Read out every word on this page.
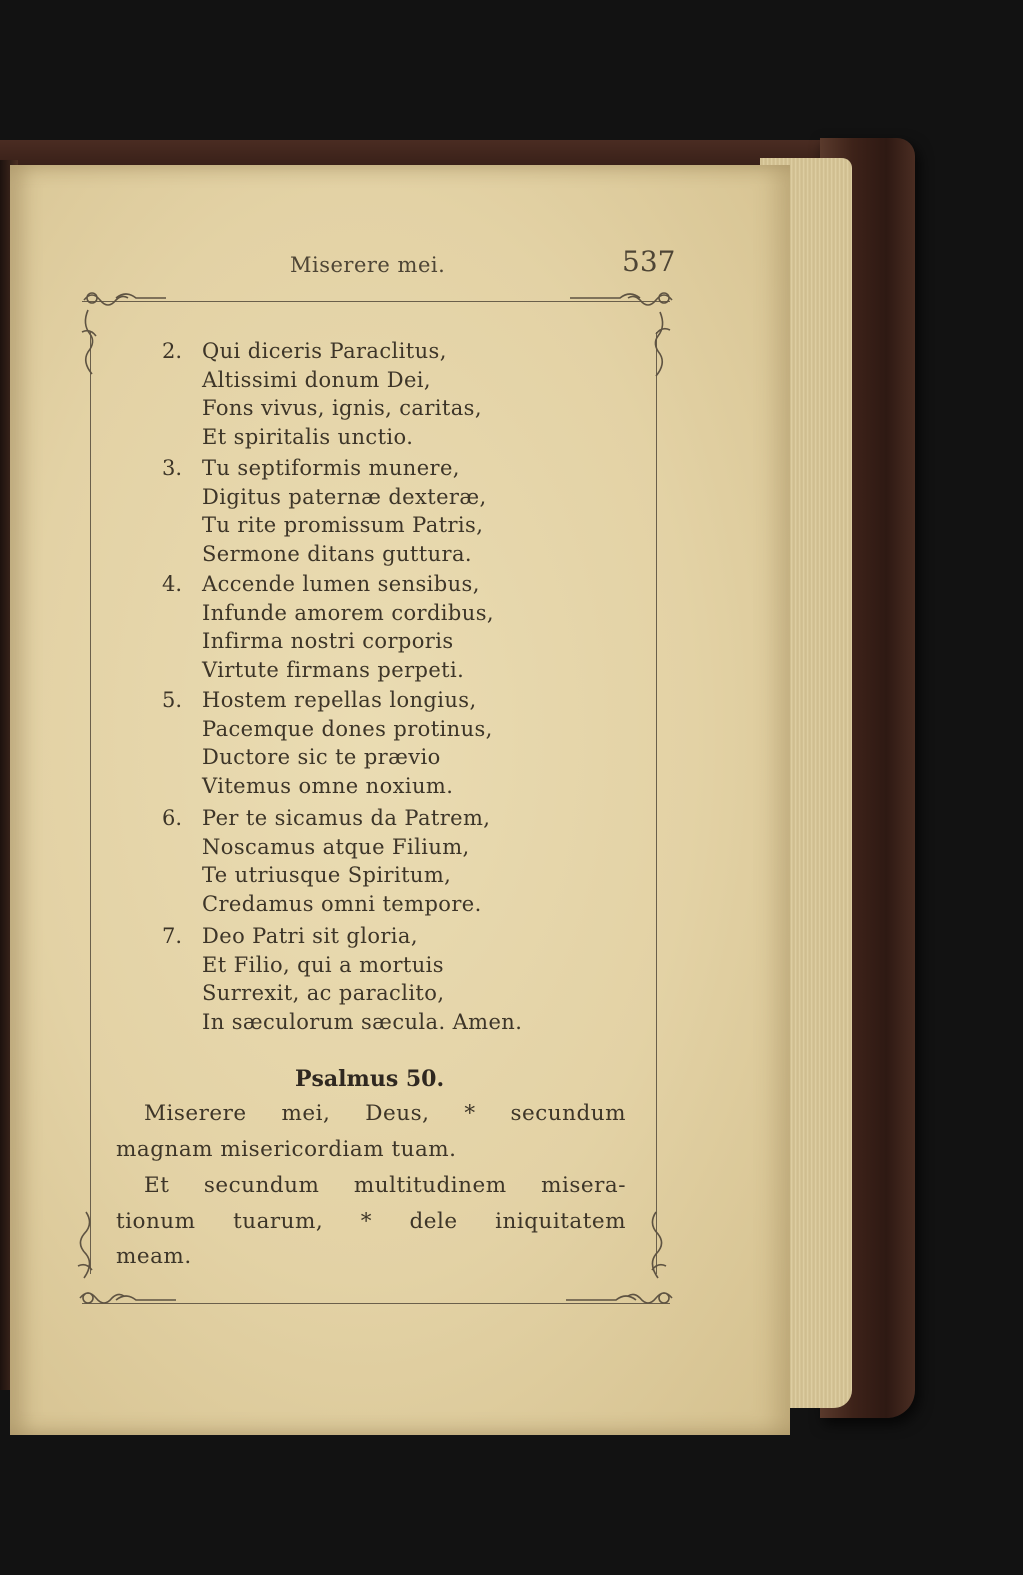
Miserere mei.	537
2. Qui diceris Paraclitus,
Altissimi donum Dei,
Fons vivus, ignis, caritas,
Et spiritalis unctio.
3. Tu septiformis munere,
Digitus paternæ dexteræ,
Tu rite promissum Patris,
Sermone ditans guttura.
4. Accende lumen sensibus,
Infunde amorem cordibus,
Infirma nostri corporis
Virtute firmans perpeti.
5. Hostem repellas longius,
Pacemque dones protinus,
Ductore sic te prævio
Vitemus omne noxium.
6. Per te sicamus da Patrem,
Noscamus atque Filium,
Te utriusque Spiritum,
Credamus omni tempore.
7. Deo Patri sit gloria,
Et Filio, qui a mortuis
Surrexit, ac paraclito,
In sæculorum sæcula. Amen.
Psalmus 50.
Miserere mei, Deus, * secundum
magnam misericordiam tuam.
Et secundum multitudinem misera-
tionum tuarum, * dele iniquitatem
meam.
